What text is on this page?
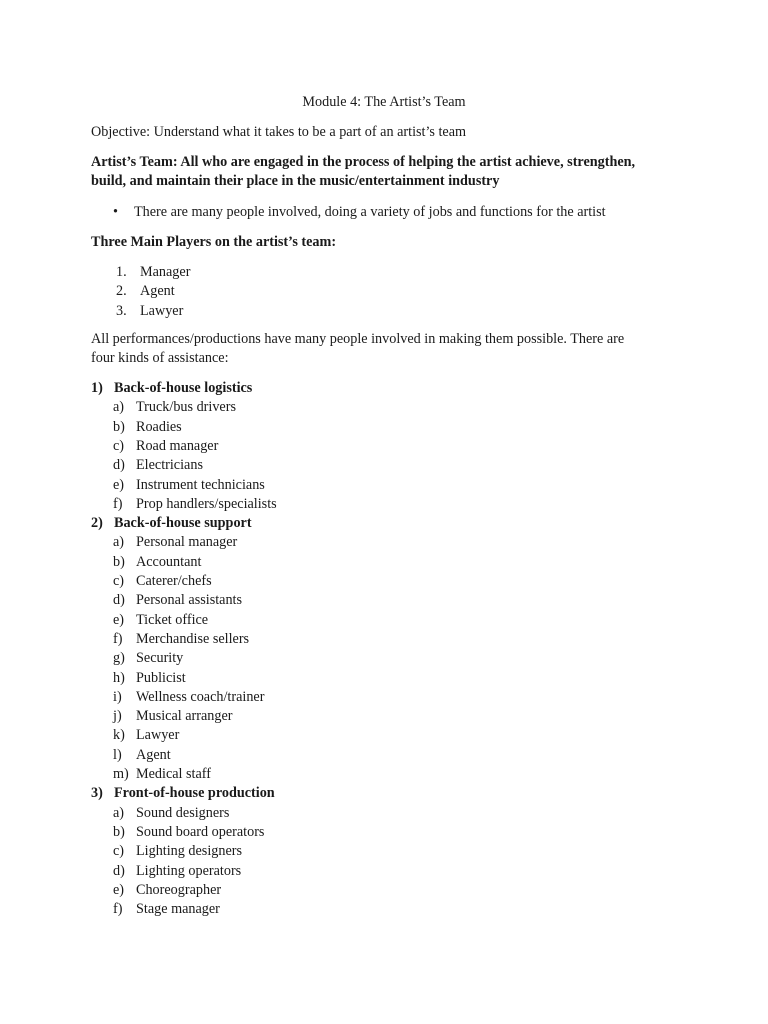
Module 4: The Artist’s Team
Objective: Understand what it takes to be a part of an artist’s team
Artist’s Team: All who are engaged in the process of helping the artist achieve, strengthen,
build, and maintain their place in the music/entertainment industry
• There are many people involved, doing a variety of jobs and functions for the artist
Three Main Players on the artist’s team:
All performances/productions have many people involved in making them possible. There are
four kinds of assistance:
1. Manager
2. Agent
3. Lawyer
1) Back-of-house logistics
a) Truck/bus drivers
b) Roadies
c) Road manager
d) Electricians
e) Instrument technicians
f) Prop handlers/specialists
2) Back-of-house support
a) Personal manager
b) Accountant
c) Caterer/chefs
d) Personal assistants
e) Ticket office
f) Merchandise sellers
g) Security
h) Publicist
i) Wellness coach/trainer
j) Musical arranger
k) Lawyer
l) Agent
m) Medical staff
3) Front-of-house production
a) Sound designers
b) Sound board operators
c) Lighting designers
d) Lighting operators
e) Choreographer
f) Stage manager
